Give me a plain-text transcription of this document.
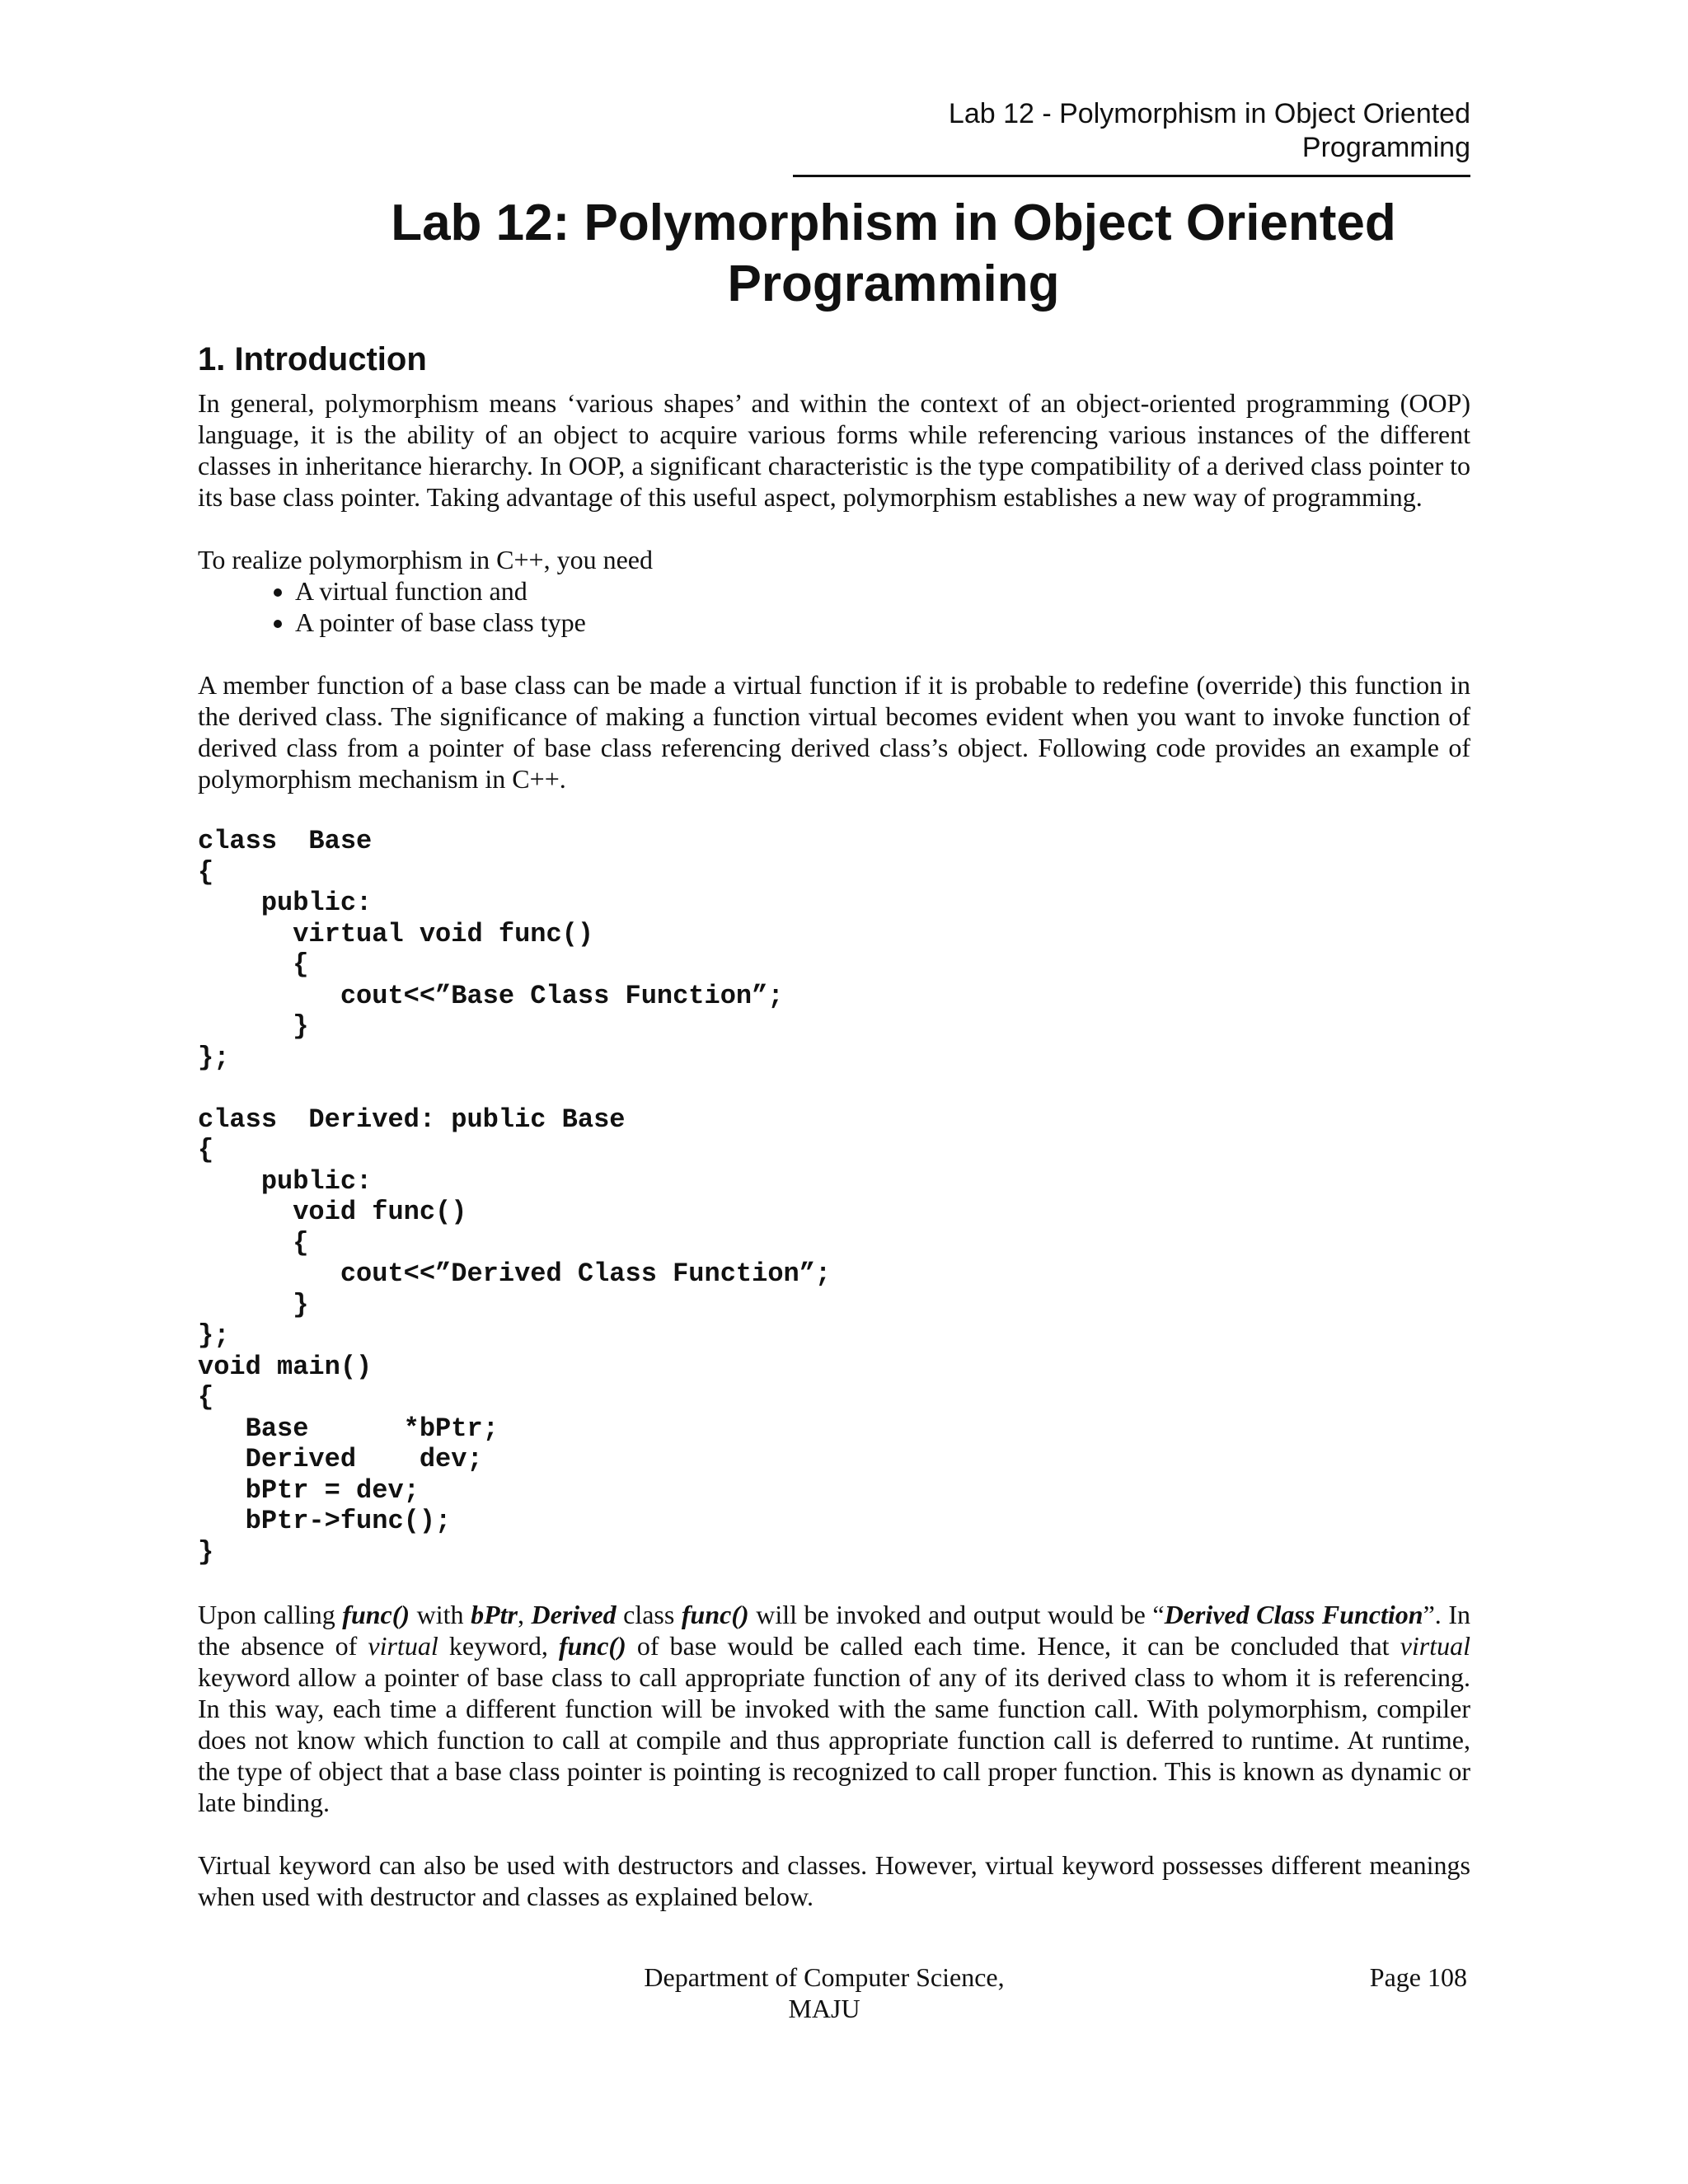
Lab 12 - Polymorphism in Object Oriented Programming
Lab 12: Polymorphism in Object Oriented
Programming
1. Introduction

In general, polymorphism means ‘various shapes’ and within the context of an object-oriented programming (OOP) language, it is the ability of an object to acquire various forms while referencing various instances of the different classes in inheritance hierarchy. In OOP, a significant characteristic is the type compatibility of a derived class pointer to its base class pointer. Taking advantage of this useful aspect, polymorphism establishes a new way of programming.

To realize polymorphism in C++, you need

• A virtual function and
• A pointer of base class type

A member function of a base class can be made a virtual function if it is probable to redefine (override) this function in the derived class. The significance of making a function virtual becomes evident when you want to invoke function of derived class from a pointer of base class referencing derived class’s object. Following code provides an example of polymorphism mechanism in C++.

class  Base
{
public:
virtual void func()
{
cout<<”Base Class Function”;
}
};

class  Derived: public Base
{
public:
void func()
{
cout<<”Derived Class Function”;
}
};
void main()
{
Base      *bPtr;
Derived    dev;
bPtr = dev;
bPtr->func();
}

Upon calling func() with bPtr, Derived class func() will be invoked and output would be “Derived Class Function”. In the absence of virtual keyword, func() of base would be called each time. Hence, it can be concluded that virtual keyword allow a pointer of base class to call appropriate function of any of its derived class to whom it is referencing. In this way, each time a different function will be invoked with the same function call. With polymorphism, compiler does not know which function to call at compile and thus appropriate function call is deferred to runtime. At runtime, the type of object that a base class pointer is pointing is recognized to call proper function. This is known as dynamic or late binding.

Virtual keyword can also be used with destructors and classes. However, virtual keyword possesses different meanings when used with destructor and classes as explained below.

Department of Computer Science,
MAJU
Page 108
